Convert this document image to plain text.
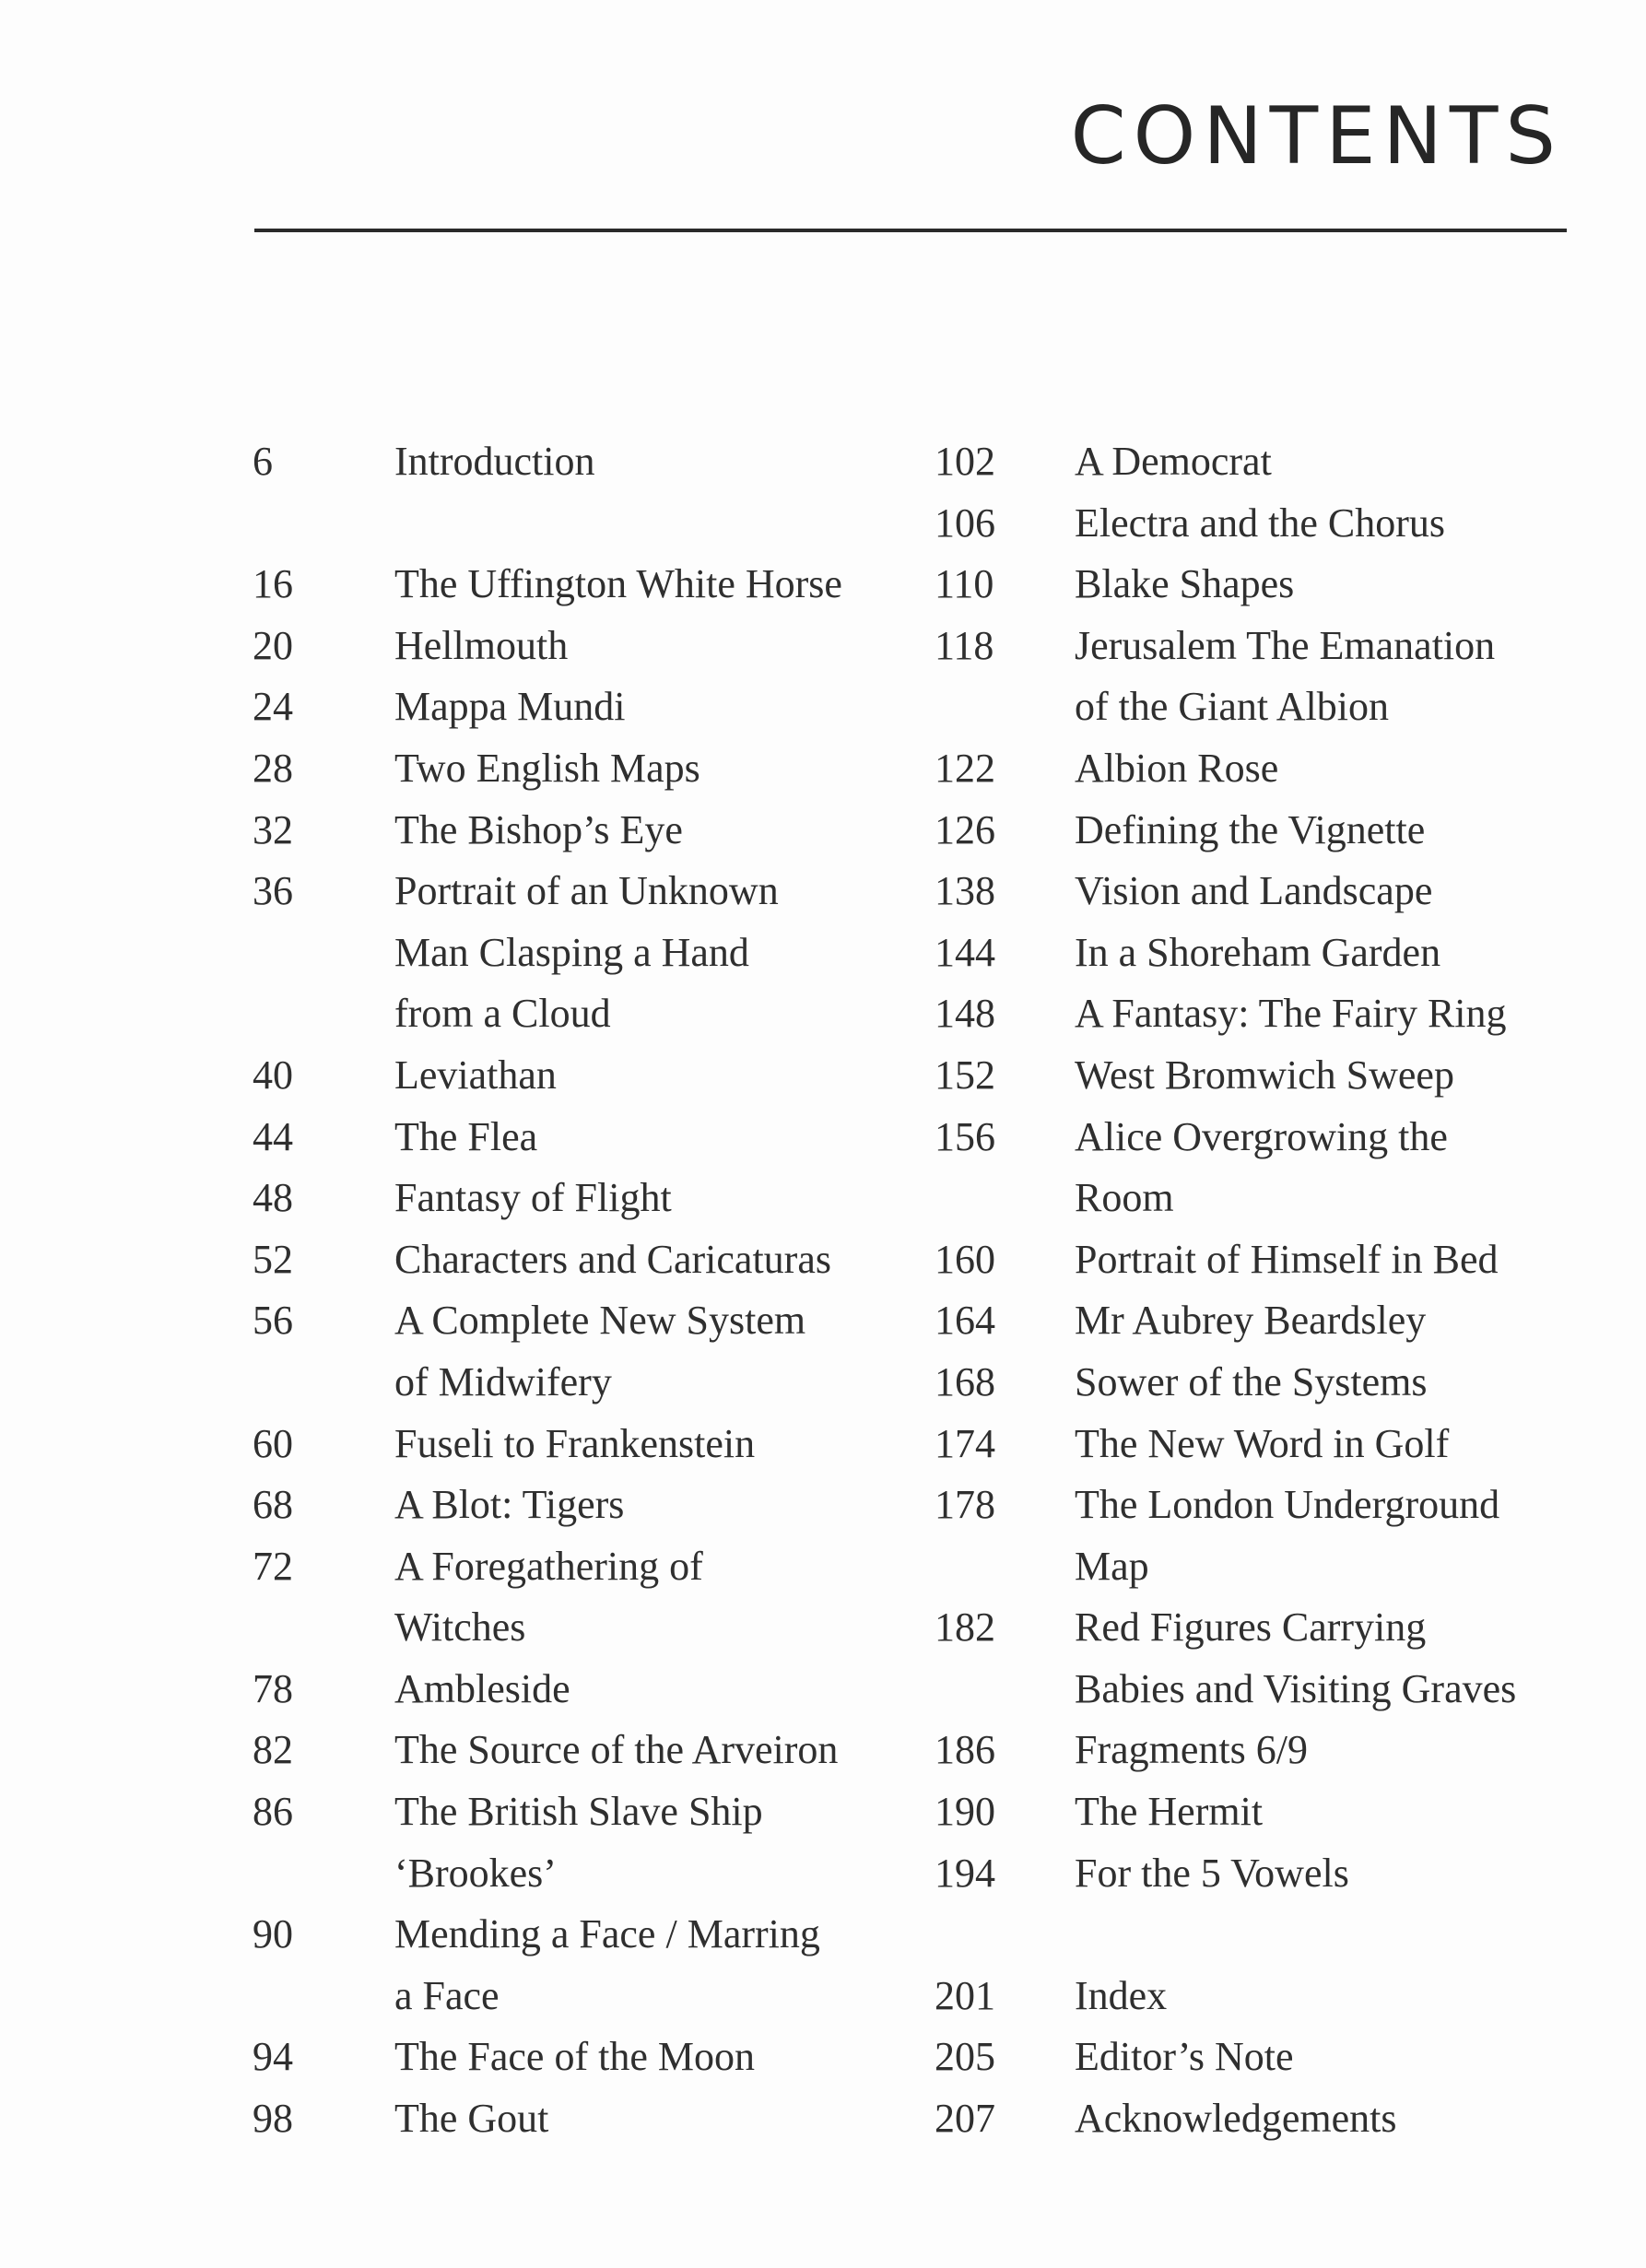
CONTENTS
6	Introduction
16	The Uffington White Horse
20	Hellmouth
24	Mappa Mundi
28	Two English Maps
32	The Bishop’s Eye
36	Portrait of an Unknown
Man Clasping a Hand
from a Cloud
40	Leviathan
44	The Flea
48	Fantasy of Flight
52	Characters and Caricaturas
56	A Complete New System
of Midwifery
60	Fuseli to Frankenstein
68	A Blot: Tigers
72	A Foregathering of
Witches
78	Ambleside
82	The Source of the Arveiron
86	The British Slave Ship
‘Brookes’
90	Mending a Face / Marring
a Face
94	The Face of the Moon
98	The Gout
102 A Democrat
106 Electra and the Chorus
110 Blake Shapes
118 Jerusalem The Emanation
of the Giant Albion
122 Albion Rose
126 Defining the Vignette
138 Vision and Landscape
144 In a Shoreham Garden
148 A Fantasy: The Fairy Ring
152 West Bromwich Sweep
156 Alice Overgrowing the
Room
160 Portrait of Himself in Bed
164 Mr Aubrey Beardsley
168 Sower of the Systems
174 The New Word in Golf
178 The London Underground
Map
182 Red Figures Carrying
Babies and Visiting Graves
186 Fragments 6/9
190 The Hermit
194 For the 5 Vowels
201 Index
205 Editor’s Note
207 Acknowledgements
